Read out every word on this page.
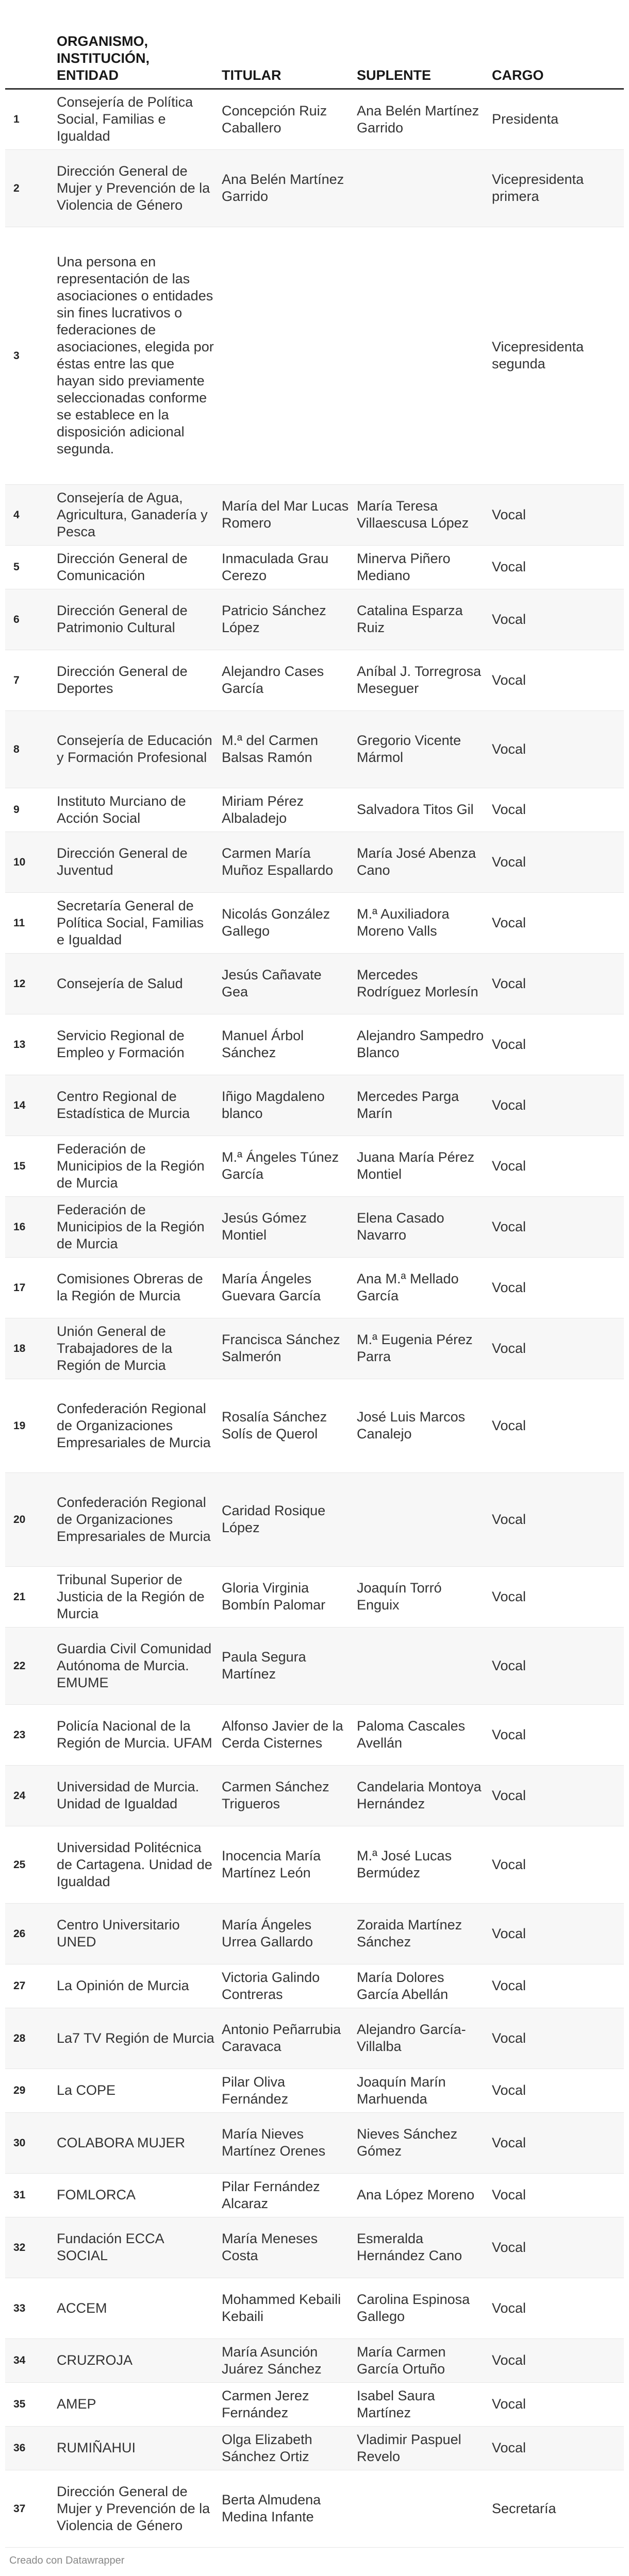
	ORGANISMO, INSTITUCIÓN, ENTIDAD	TITULAR	SUPLENTE	CARGO
1	Consejería de Política Social, Familias e Igualdad	Concepción Ruiz Caballero	Ana Belén Martínez Garrido	Presidenta
2	Dirección General de Mujer y Prevención de la Violencia de Género	Ana Belén Martínez Garrido		Vicepresidenta primera
3	Una persona en representación de las asociaciones o entidades sin fines lucrativos o federaciones de asociaciones, elegida por éstas entre las que hayan sido previamente seleccionadas conforme se establece en la disposición adicional segunda.			Vicepresidenta segunda
4	Consejería de Agua, Agricultura, Ganadería y Pesca	María del Mar Lucas Romero	María Teresa Villaescusa López	Vocal
5	Dirección General de Comunicación	Inmaculada Grau Cerezo	Minerva Piñero Mediano	Vocal
6	Dirección General de Patrimonio Cultural	Patricio Sánchez López	Catalina Esparza Ruiz	Vocal
7	Dirección General de Deportes	Alejandro Cases García	Aníbal J. Torregrosa Meseguer	Vocal
8	Consejería de Educación y Formación Profesional	M.ª del Carmen Balsas Ramón	Gregorio Vicente Mármol	Vocal
9	Instituto Murciano de Acción Social	Miriam Pérez Albaladejo	Salvadora Titos Gil	Vocal
10	Dirección General de Juventud	Carmen María Muñoz Espallardo	María José Abenza Cano	Vocal
11	Secretaría General de Política Social, Familias e Igualdad	Nicolás González Gallego	M.ª Auxiliadora Moreno Valls	Vocal
12	Consejería de Salud	Jesús Cañavate Gea	Mercedes Rodríguez Morlesín	Vocal
13	Servicio Regional de Empleo y Formación	Manuel Árbol Sánchez	Alejandro Sampedro Blanco	Vocal
14	Centro Regional de Estadística de Murcia	Iñigo Magdaleno blanco	Mercedes Parga Marín	Vocal
15	Federación de Municipios de la Región de Murcia	M.ª Ángeles Túnez García	Juana María Pérez Montiel	Vocal
16	Federación de Municipios de la Región de Murcia	Jesús Gómez Montiel	Elena Casado Navarro	Vocal
17	Comisiones Obreras de la Región de Murcia	María Ángeles Guevara García	Ana M.ª Mellado García	Vocal
18	Unión General de Trabajadores de la Región de Murcia	Francisca Sánchez Salmerón	M.ª Eugenia Pérez Parra	Vocal
19	Confederación Regional de Organizaciones Empresariales de Murcia	Rosalía Sánchez Solís de Querol	José Luis Marcos Canalejo	Vocal
20	Confederación Regional de Organizaciones Empresariales de Murcia	Caridad Rosique López		Vocal
21	Tribunal Superior de Justicia de la Región de Murcia	Gloria Virginia Bombín Palomar	Joaquín Torró Enguix	Vocal
22	Guardia Civil Comunidad Autónoma de Murcia. EMUME	Paula Segura Martínez		Vocal
23	Policía Nacional de la Región de Murcia. UFAM	Alfonso Javier de la Cerda Cisternes	Paloma Cascales Avellán	Vocal
24	Universidad de Murcia. Unidad de Igualdad	Carmen Sánchez Trigueros	Candelaria Montoya Hernández	Vocal
25	Universidad Politécnica de Cartagena. Unidad de Igualdad	Inocencia María Martínez León	M.ª José Lucas Bermúdez	Vocal
26	Centro Universitario UNED	María Ángeles Urrea Gallardo	Zoraida Martínez Sánchez	Vocal
27	La Opinión de Murcia	Victoria Galindo Contreras	María Dolores García Abellán	Vocal
28	La7 TV Región de Murcia	Antonio Peñarrubia Caravaca	Alejandro García-Villalba	Vocal
29	La COPE	Pilar Oliva Fernández	Joaquín Marín Marhuenda	Vocal
30	COLABORA MUJER	María Nieves Martínez Orenes	Nieves Sánchez Gómez	Vocal
31	FOMLORCA	Pilar Fernández Alcaraz	Ana López Moreno	Vocal
32	Fundación ECCA SOCIAL	María Meneses Costa	Esmeralda Hernández Cano	Vocal
33	ACCEM	Mohammed Kebaili Kebaili	Carolina Espinosa Gallego	Vocal
34	CRUZROJA	María Asunción Juárez Sánchez	María Carmen García Ortuño	Vocal
35	AMEP	Carmen Jerez Fernández	Isabel Saura Martínez	Vocal
36	RUMIÑAHUI	Olga Elizabeth Sánchez Ortiz	Vladimir Paspuel Revelo	Vocal
37	Dirección General de Mujer y Prevención de la Violencia de Género	Berta Almudena Medina Infante		Secretaría
Creado con Datawrapper
